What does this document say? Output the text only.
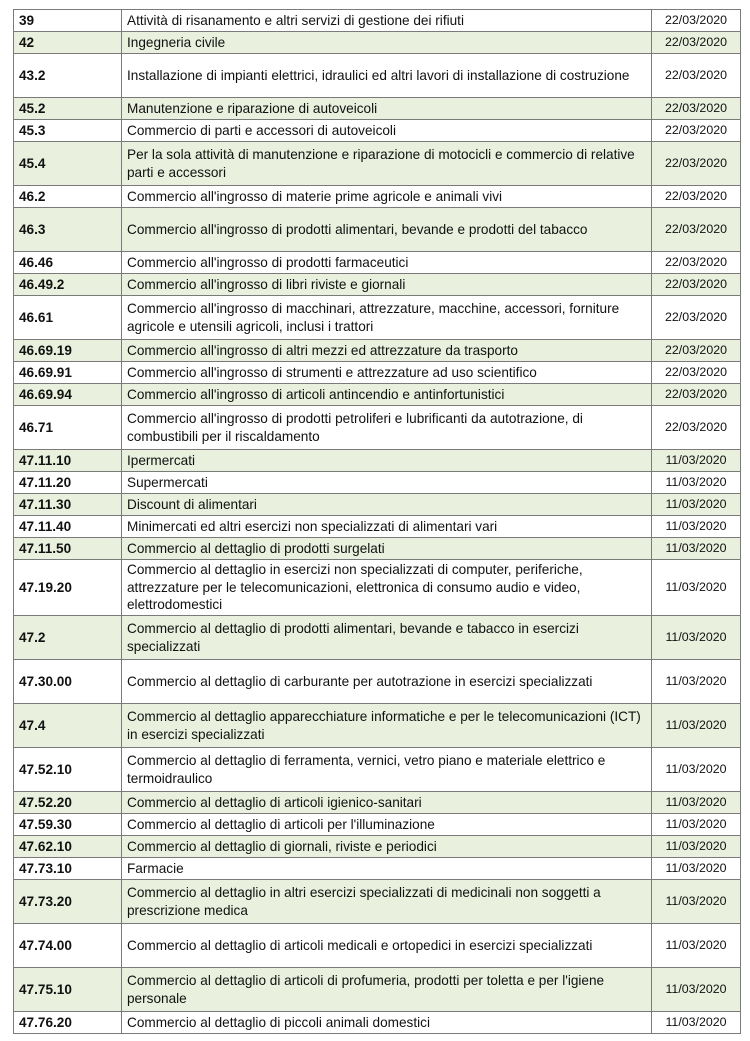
39	Attività di risanamento e altri servizi di gestione dei rifiuti	22/03/2020
42	Ingegneria civile	22/03/2020
43.2	Installazione di impianti elettrici, idraulici ed altri lavori di installazione di costruzione	22/03/2020
45.2	Manutenzione e riparazione di autoveicoli	22/03/2020
45.3	Commercio di parti e accessori di autoveicoli	22/03/2020
45.4	Per la sola attività di manutenzione e riparazione di motocicli e commercio di relative parti e accessori	22/03/2020
46.2	Commercio all'ingrosso di materie prime agricole e animali vivi	22/03/2020
46.3	Commercio all'ingrosso di prodotti alimentari, bevande e prodotti del tabacco	22/03/2020
46.46	Commercio all'ingrosso di prodotti farmaceutici	22/03/2020
46.49.2	Commercio all'ingrosso di libri riviste e giornali	22/03/2020
46.61	Commercio all'ingrosso di macchinari, attrezzature, macchine, accessori, forniture agricole e utensili agricoli, inclusi i trattori	22/03/2020
46.69.19	Commercio all'ingrosso di altri mezzi ed attrezzature da trasporto	22/03/2020
46.69.91	Commercio all'ingrosso di strumenti e attrezzature ad uso scientifico	22/03/2020
46.69.94	Commercio all'ingrosso di articoli antincendio e antinfortunistici	22/03/2020
46.71	Commercio all'ingrosso di prodotti petroliferi e lubrificanti da autotrazione, di combustibili per il riscaldamento	22/03/2020
47.11.10	Ipermercati	11/03/2020
47.11.20	Supermercati	11/03/2020
47.11.30	Discount di alimentari	11/03/2020
47.11.40	Minimercati ed altri esercizi non specializzati di alimentari vari	11/03/2020
47.11.50	Commercio al dettaglio di prodotti surgelati	11/03/2020
47.19.20	Commercio al dettaglio in esercizi non specializzati di computer, periferiche, attrezzature per le telecomunicazioni, elettronica di consumo audio e video, elettrodomestici	11/03/2020
47.2	Commercio al dettaglio di prodotti alimentari, bevande e tabacco in esercizi specializzati	11/03/2020
47.30.00	Commercio al dettaglio di carburante per autotrazione in esercizi specializzati	11/03/2020
47.4	Commercio al dettaglio apparecchiature informatiche e per le telecomunicazioni (ICT) in esercizi specializzati	11/03/2020
47.52.10	Commercio al dettaglio di ferramenta, vernici, vetro piano e materiale elettrico e termoidraulico	11/03/2020
47.52.20	Commercio al dettaglio di articoli igienico-sanitari	11/03/2020
47.59.30	Commercio al dettaglio di articoli per l'illuminazione	11/03/2020
47.62.10	Commercio al dettaglio di giornali, riviste e periodici	11/03/2020
47.73.10	Farmacie	11/03/2020
47.73.20	Commercio al dettaglio in altri esercizi specializzati di medicinali non soggetti a prescrizione medica	11/03/2020
47.74.00	Commercio al dettaglio di articoli medicali e ortopedici in esercizi specializzati	11/03/2020
47.75.10	Commercio al dettaglio di articoli di profumeria, prodotti per toletta e per l'igiene personale	11/03/2020
47.76.20	Commercio al dettaglio di piccoli animali domestici	11/03/2020
